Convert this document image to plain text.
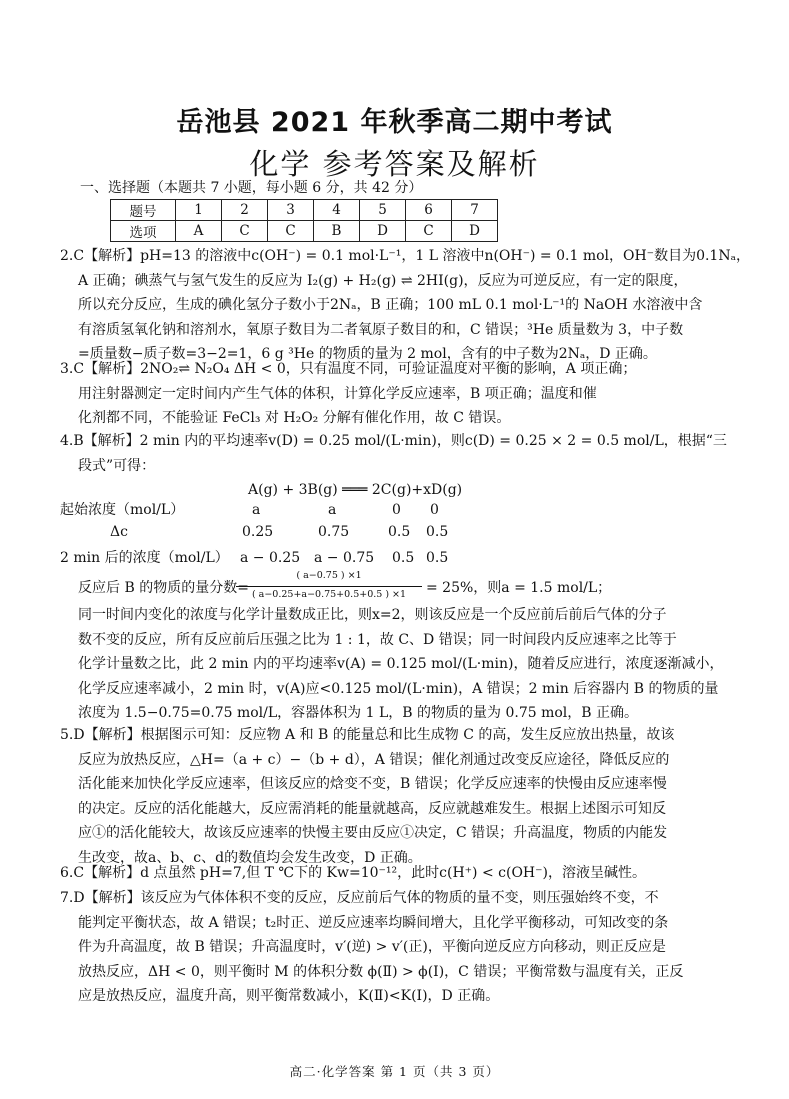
岳池县 2021 年秋季高二期中考试
化学 参考答案及解析
一、选择题（本题共 7 小题，每小题 6 分，共 42 分）
题号	1	2	3	4	5	6	7
选项	A	C	C	B	D	C	D
2.C【解析】pH=13 的溶液中c(OH⁻) = 0.1 mol·L⁻¹，1 L 溶液中n(OH⁻) = 0.1 mol，OH⁻数目为0.1Nₐ，
A 正确；碘蒸气与氢气发生的反应为 I₂(g) + H₂(g) ⇌ 2HI(g)，反应为可逆反应，有一定的限度，
所以充分反应，生成的碘化氢分子数小于2Nₐ，B 正确；100 mL 0.1 mol·L⁻¹的 NaOH 水溶液中含
有溶质氢氧化钠和溶剂水，氧原子数目为二者氧原子数目的和，C 错误；³He 质量数为 3，中子数
=质量数−质子数=3−2=1，6 g ³He 的物质的量为 2 mol，含有的中子数为2Nₐ，D 正确。
3.C【解析】2NO₂⇌ N₂O₄ ΔH < 0，只有温度不同，可验证温度对平衡的影响，A 项正确；
用注射器测定一定时间内产生气体的体积，计算化学反应速率，B 项正确；温度和催
化剂都不同，不能验证 FeCl₃ 对 H₂O₂ 分解有催化作用，故 C 错误。
4.B【解析】2 min 内的平均速率v(D) = 0.25 mol/(L·min)，则c(D) = 0.25 × 2 = 0.5 mol/L，根据“三
段式”可得：
A(g) + 3B(g) ═══ 2C(g)+xD(g)
起始浓度（mol/L）	a	a	0 0
Δc	0.25	0.75	0.5 0.5
2 min 后的浓度（mol/L） a − 0.25 a − 0.75 0.5 0.5
反应后 B 的物质的量分数=
( a−0.75 ) ×1
( a−0.25+a−0.75+0.5+0.5 ) ×1	= 25%，则a = 1.5 mol/L；
同一时间内变化的浓度与化学计量数成正比，则x=2，则该反应是一个反应前后前后气体的分子
数不变的反应，所有反应前后压强之比为 1 : 1，故 C、D 错误；同一时间段内反应速率之比等于
化学计量数之比，此 2 min 内的平均速率v(A) = 0.125 mol/(L·min)，随着反应进行，浓度逐渐减小，
化学反应速率减小，2 min 时，v(A)应<0.125 mol/(L·min)，A 错误；2 min 后容器内 B 的物质的量
浓度为 1.5−0.75=0.75 mol/L，容器体积为 1 L，B 的物质的量为 0.75 mol，B 正确。
5.D【解析】根据图示可知：反应物 A 和 B 的能量总和比生成物 C 的高，发生反应放出热量，故该
反应为放热反应，△H=（a + c）−（b + d），A 错误；催化剂通过改变反应途径，降低反应的
活化能来加快化学反应速率，但该反应的焓变不变，B 错误；化学反应速率的快慢由反应速率慢
的决定。反应的活化能越大，反应需消耗的能量就越高，反应就越难发生。根据上述图示可知反
应①的活化能较大，故该反应速率的快慢主要由反应①决定，C 错误；升高温度，物质的内能发
生改变，故a、b、c、d的数值均会发生改变，D 正确。
6.C【解析】d 点虽然 pH=7,但 T ℃下的 Kw=10⁻¹²，此时c(H⁺) < c(OH⁻)，溶液呈碱性。
7.D【解析】该反应为气体体积不变的反应，反应前后气体的物质的量不变，则压强始终不变，不
能判定平衡状态，故 A 错误；t₂时正、逆反应速率均瞬间增大，且化学平衡移动，可知改变的条
件为升高温度，故 B 错误；升高温度时，v′(逆) > v′(正)，平衡向逆反应方向移动，则正反应是
放热反应，ΔH < 0，则平衡时 M 的体积分数 ϕ(Ⅱ) > ϕ(Ⅰ)，C 错误；平衡常数与温度有关，正反
应是放热反应，温度升高，则平衡常数减小，K(Ⅱ)<K(Ⅰ)，D 正确。
高二·化学答案 第 1 页（共 3 页）
